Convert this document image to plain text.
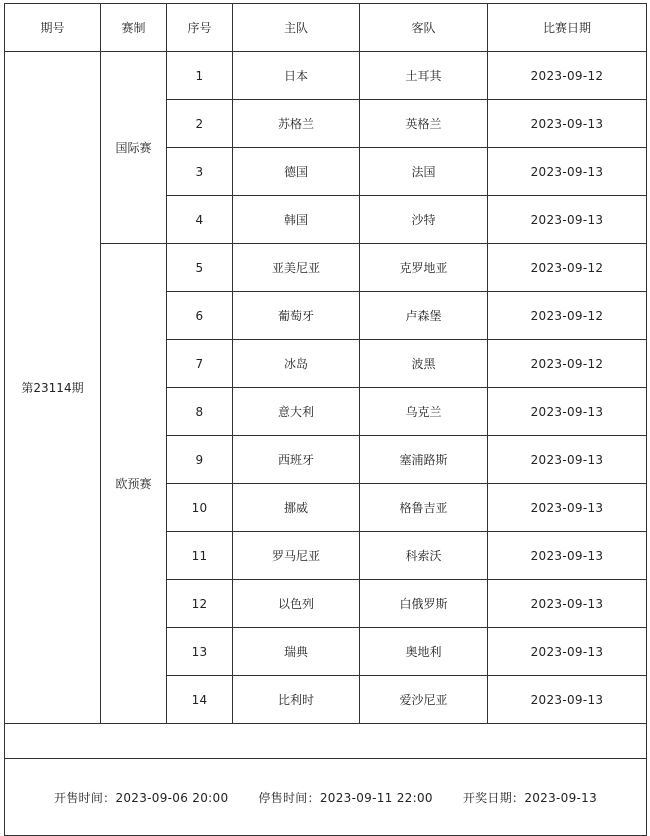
期号	赛制	序号	主队	客队	比赛日期
第23114期	国际赛	1	日本	土耳其	2023-09-12
		2	苏格兰	英格兰	2023-09-13
		3	德国	法国	2023-09-13
		4	韩国	沙特	2023-09-13
	欧预赛	5	亚美尼亚	克罗地亚	2023-09-12
		6	葡萄牙	卢森堡	2023-09-12
		7	冰岛	波黑	2023-09-12
		8	意大利	乌克兰	2023-09-13
		9	西班牙	塞浦路斯	2023-09-13
		10	挪威	格鲁吉亚	2023-09-13
		11	罗马尼亚	科索沃	2023-09-13
		12	以色列	白俄罗斯	2023-09-13
		13	瑞典	奥地利	2023-09-13
		14	比利时	爱沙尼亚	2023-09-13

开售时间：2023-09-06 20:00 停售时间：2023-09-11 22:00 开奖日期：2023-09-13					
